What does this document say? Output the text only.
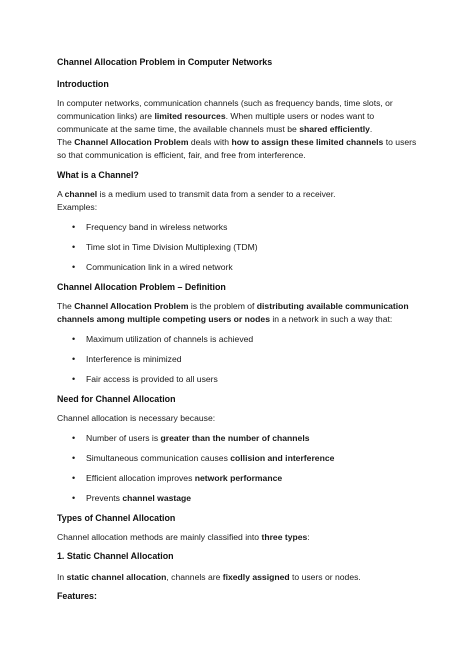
Channel Allocation Problem in Computer Networks
Introduction
In computer networks, communication channels (such as frequency bands, time slots, or communication links) are limited resources. When multiple users or nodes want to communicate at the same time, the available channels must be shared efficiently.
The Channel Allocation Problem deals with how to assign these limited channels to users so that communication is efficient, fair, and free from interference.
What is a Channel?
A channel is a medium used to transmit data from a sender to a receiver.
Examples:
• Frequency band in wireless networks
• Time slot in Time Division Multiplexing (TDM)
• Communication link in a wired network
Channel Allocation Problem – Definition
The Channel Allocation Problem is the problem of distributing available communication channels among multiple competing users or nodes in a network in such a way that:
• Maximum utilization of channels is achieved
• Interference is minimized
• Fair access is provided to all users
Need for Channel Allocation
Channel allocation is necessary because:
• Number of users is greater than the number of channels
• Simultaneous communication causes collision and interference
• Efficient allocation improves network performance
• Prevents channel wastage
Types of Channel Allocation
Channel allocation methods are mainly classified into three types:
1. Static Channel Allocation
In static channel allocation, channels are fixedly assigned to users or nodes.
Features:
